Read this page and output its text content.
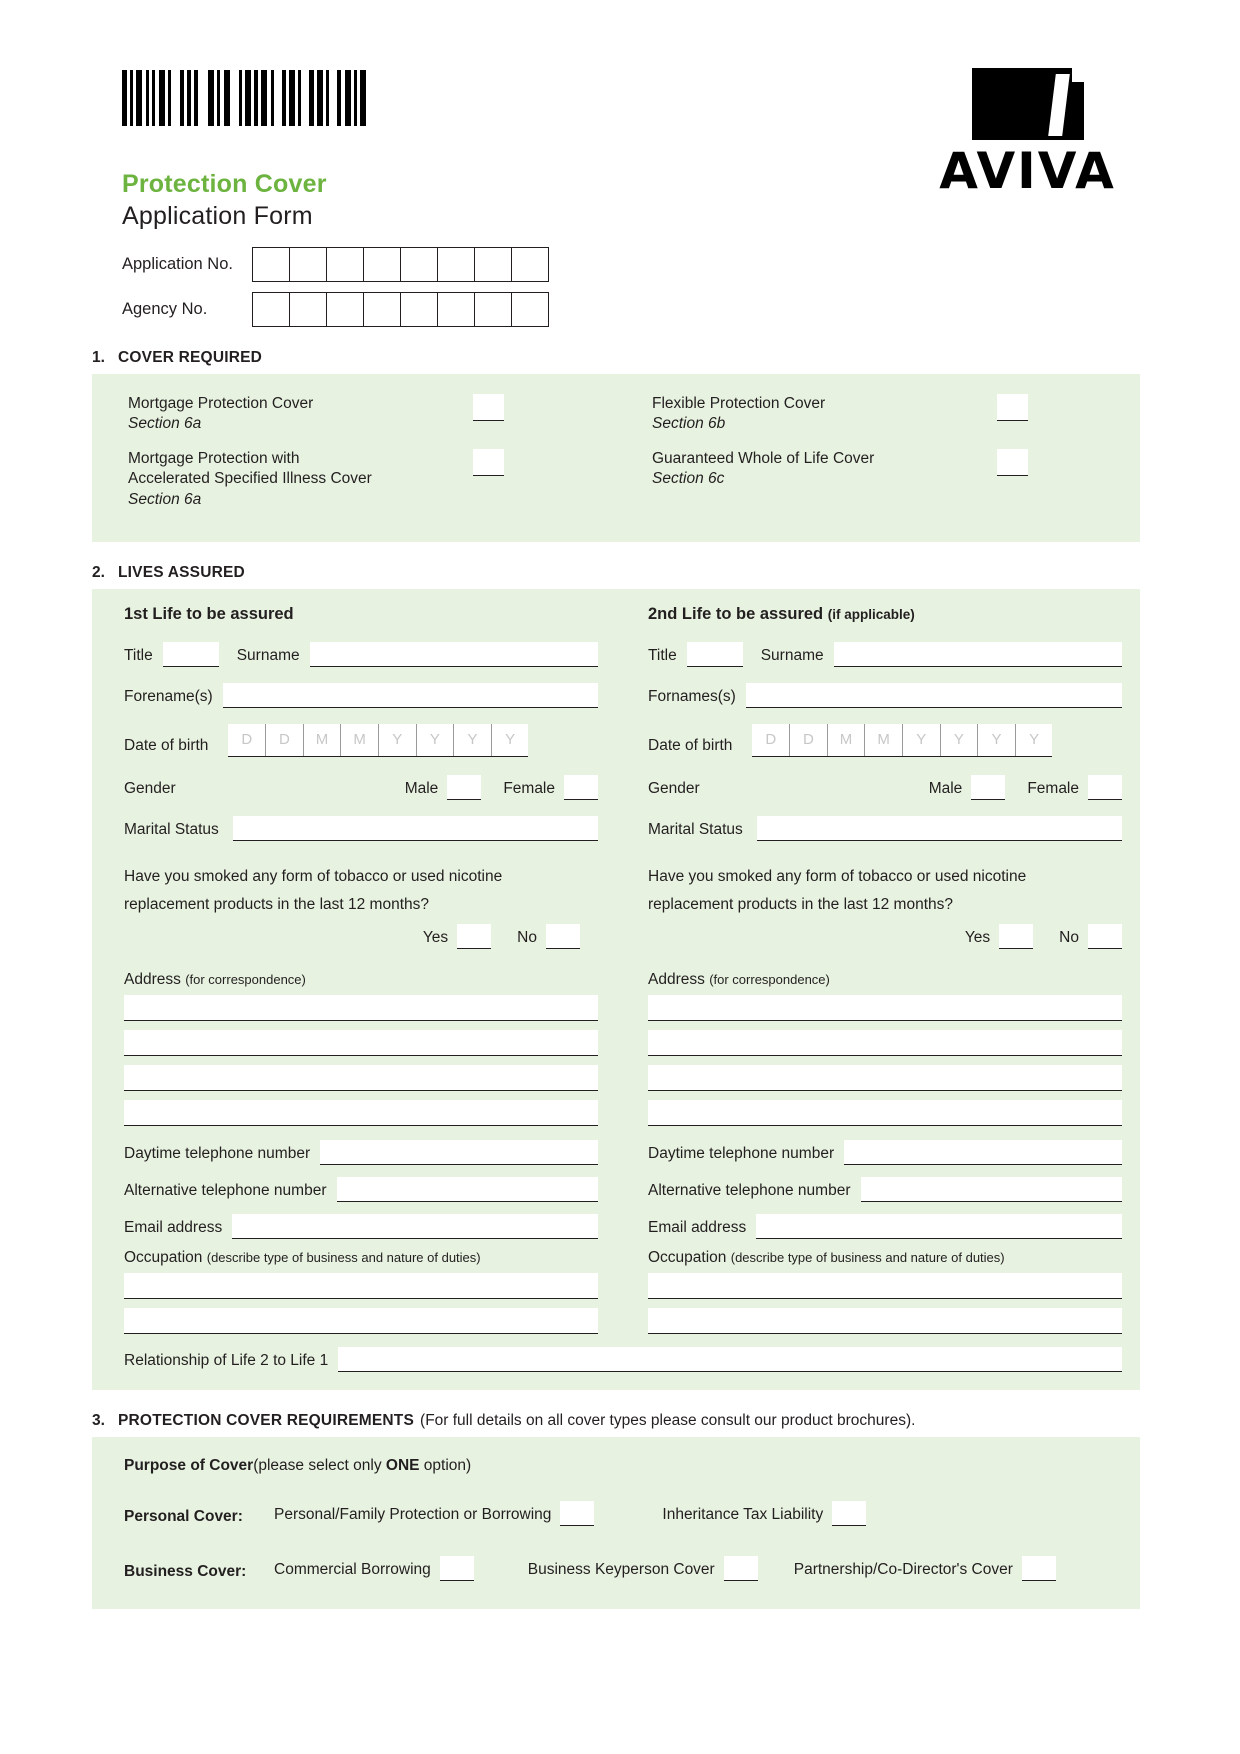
AVIVA
Protection Cover
Application Form
Application No.
Agency No.
1. COVER REQUIRED
Mortgage Protection Cover
Section 6a
Mortgage Protection with
Accelerated Specified Illness Cover
Section 6a
Flexible Protection Cover
Section 6b
Guaranteed Whole of Life Cover
Section 6c
2. LIVES ASSURED
1st Life to be assured
Title	Surname
Forename(s)
Date of birth	D	D	M	M	Y	Y	Y	Y
Gender	Male	Female
Marital Status
Have you smoked any form of tobacco or used nicotine
replacement products in the last 12 months?
Yes	No
Address (for correspondence)
Daytime telephone number
Alternative telephone number
Email address
Occupation (describe type of business and nature of duties)
2nd Life to be assured (if applicable)
Title	Surname
Fornames(s)
Date of birth	D	D	M	M	Y	Y	Y	Y
Gender	Male	Female
Marital Status
Have you smoked any form of tobacco or used nicotine
replacement products in the last 12 months?
Yes	No
Address (for correspondence)
Daytime telephone number
Alternative telephone number
Email address
Occupation (describe type of business and nature of duties)
Relationship of Life 2 to Life 1
3. PROTECTION COVER REQUIREMENTS (For full details on all cover types please consult our product brochures).
Purpose of Cover(please select only ONE option)
Personal Cover:	Personal/Family Protection or Borrowing	Inheritance Tax Liability
Business Cover:	Commercial Borrowing	Business Keyperson Cover	Partnership/Co-Director's Cover
